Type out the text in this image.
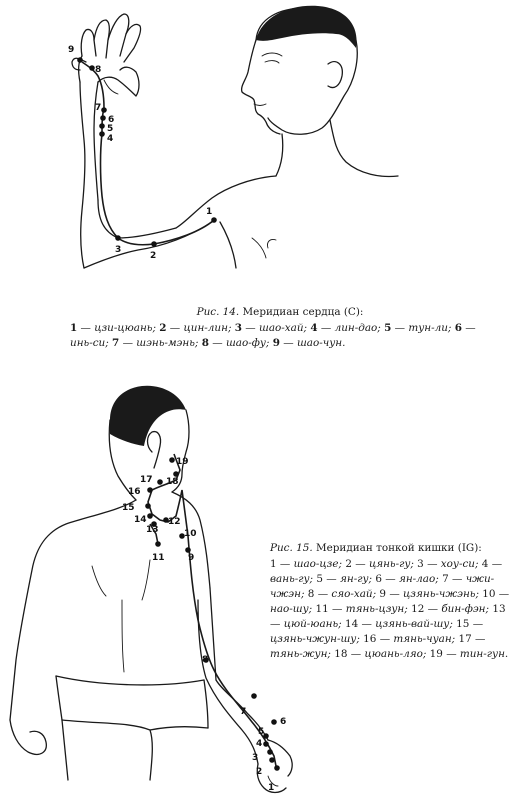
1
2
3
4
5
6
7
8
9
Рис. 14. Меридиан сердца (С):
1 — цзи-цюань; 2 — цин-лин; 3 — шао-хай; 4 — лин-дао; 5 — тун-ли; 6 — инь-си; 7 — шэнь-мэнь; 8 — шао-фу; 9 — шао-чун.
1
2
3
4
5
6
7
8
9
10
11
12
13
14
15
16
17 18
19
Рис. 15. Меридиан тонкой кишки (IG):
1 — шао-цзе; 2 — цянь-гу; 3 — хоу-си; 4 — вань-гу; 5 — ян-гу; 6 — ян-лао; 7 — чжи-чжэн; 8 — сяо-хай; 9 — цзянь-чжэнь; 10 — нао-шу; 11 — тянь-цзун; 12 — бин-фэн; 13 — цюй-юань; 14 — цзянь-вай-шу; 15 — цзянь-чжун-шу; 16 — тянь-чуан; 17 — тянь-жун; 18 — цюань-ляо; 19 — тин-гун.
